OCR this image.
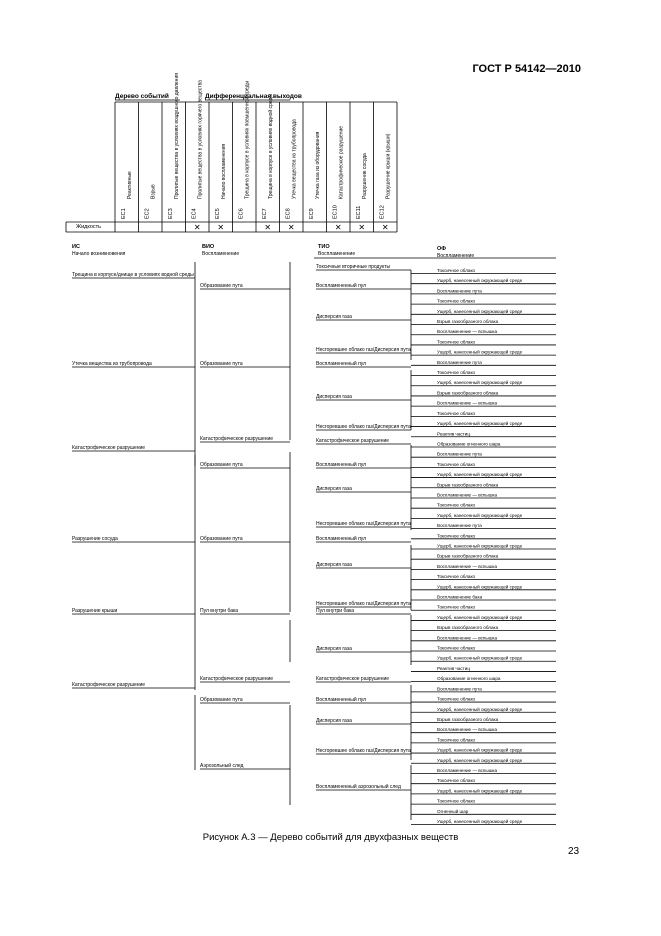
ГОСТ Р 54142—2010
Дерево событий	Дифференциальная выходов
EC1
Реактивные
EC2
Взрыв
EC3
Пролитые вещества в условиях воздушного давления
EC4
Пролитые вещества в условиях горячего вещества
✕
EC5
Начало воспламенения
✕
EC6
Трещина в корпусе в условиях повышенной среды
EC7
Трещина в корпусе в условиях водной среды
✕
EC8
Утечка вещества из трубопровода
✕
EC9
Утечка газа из оборудования
EC10
Катастрофическое разрушение
✕
EC11
Разрушение сосуда
✕
EC12
Разрушение крыши (крыши)
✕
Жидкость
ИС
Начало возникновения
ВИО
Воспламенение
ТИО
Воспламенение
ОФ
Воспламенение
Трещина в корпусе/днище в условиях водной среды
Утечка вещества из трубопровода
Катастрофическое разрушение
Разрушение сосуда
Разрушение крыши
Катастрофическое разрушение
Образование пута
Образование пута
Катастрофическое разрушение
Образование пута
Образование пута
Пул внутри бака
Катастрофическое разрушение
Образование пута
Аэрозольный след
Токсичные вторичные продукты
Воспламененный пул
Дисперсия газа
Несгоревшее облако газ/Дисперсия пута
Воспламененный пул
Дисперсия газа
Несгоревшее облако газ/Дисперсия пута
Катастрофическое разрушение
Воспламененный пул
Дисперсия газа
Несгоревшее облако газ/Дисперсия пута
Воспламененный пул
Дисперсия газа
Несгоревшее облако газ/Дисперсия пута
Пул внутри бака
Дисперсия газа
Катастрофическое разрушение
Воспламененный пул
Дисперсия газа
Несгоревшее облако газ/Дисперсия пута
Воспламененный аэрозольный след
Токсичное облако
Ущерб, нанесенный окружающей среде
Воспламенение пута
Токсичное облако
Ущерб, нанесенный окружающей среде
Взрыв газообразного облака
Воспламенение — вспышка
Токсичное облако
Ущерб, нанесенный окружающей среде
Воспламенение пута
Токсичное облако
Ущерб, нанесенный окружающей среде
Взрыв газообразного облака
Воспламенение — вспышка
Токсичное облако
Ущерб, нанесенный окружающей среде
Реактив частиц
Образование огненного шара
Воспламенение пута
Токсичное облако
Ущерб, нанесенный окружающей среде
Взрыв газообразного облака
Воспламенение — вспышка
Токсичное облако
Ущерб, нанесенный окружающей среде
Воспламенение пута
Токсичное облако
Ущерб, нанесенный окружающей среде
Взрыв газообразного облака
Воспламенение — вспышка
Токсичное облако
Ущерб, нанесенный окружающей среде
Воспламенение бака
Токсичное облако
Ущерб, нанесенный окружающей среде
Взрыв газообразного облака
Воспламенение — вспышка
Токсичное облако
Ущерб, нанесенный окружающей среде
Реактив частиц
Образование огненного шара
Воспламенение пута
Токсичное облако
Ущерб, нанесенный окружающей среде
Взрыв газообразного облака
Воспламенение — вспышка
Токсичное облако
Ущерб, нанесенный окружающей среде
Ущерб, нанесенный окружающей среде
Воспламенение — вспышка
Токсичное облако
Ущерб, нанесенный окружающей среде
Токсичное облако
Огненный шар
Ущерб, нанесенный окружающей среде
Рисунок А.3 — Дерево событий для двухфазных веществ
23
